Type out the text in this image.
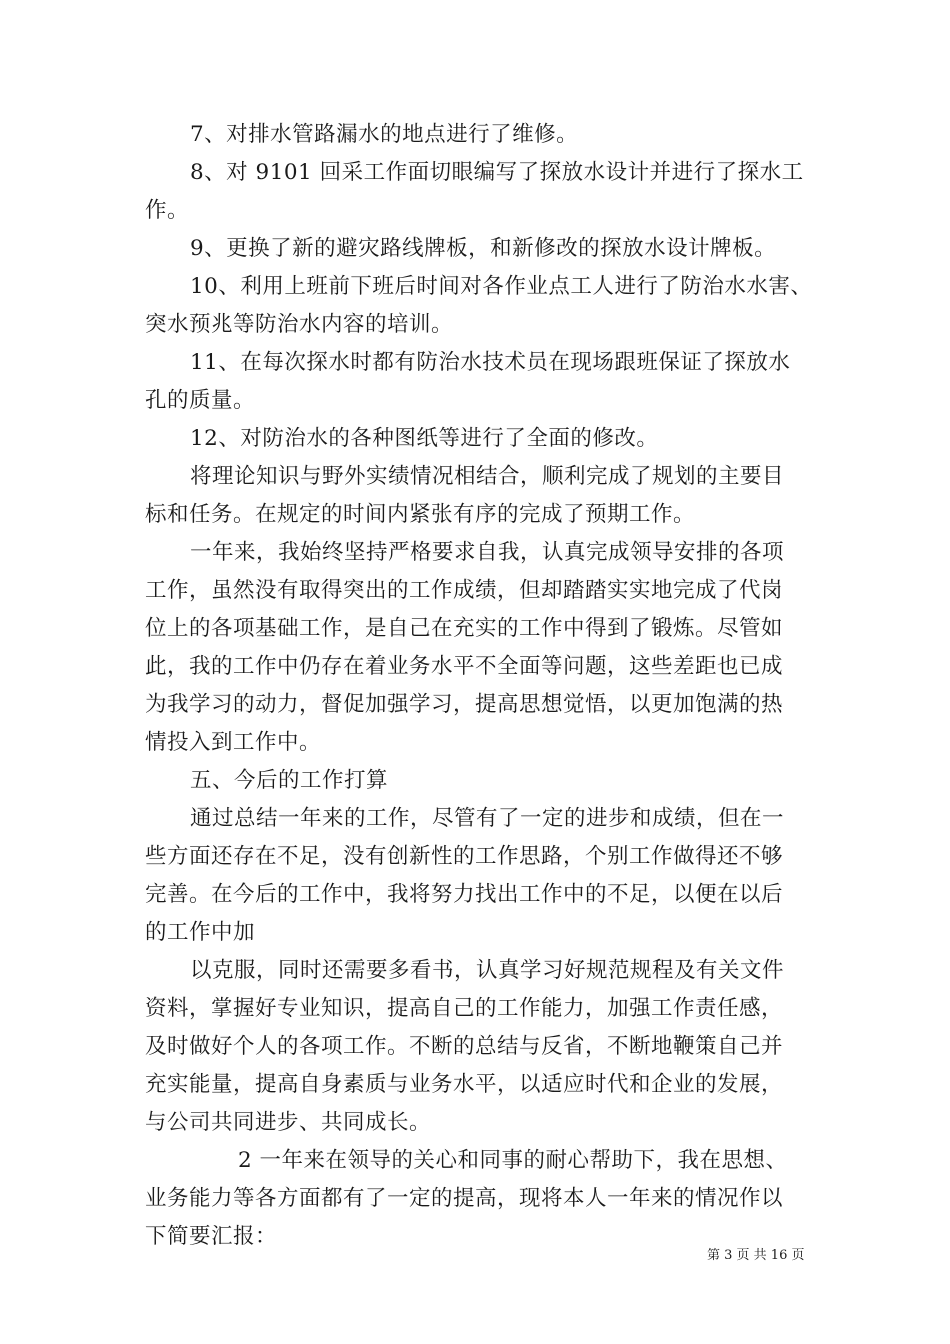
7、对排水管路漏水的地点进行了维修。
8、对 9101 回采工作面切眼编写了探放水设计并进行了探水工
作。
9、更换了新的避灾路线牌板，和新修改的探放水设计牌板。
10、利用上班前下班后时间对各作业点工人进行了防治水水害、
突水预兆等防治水内容的培训。
11、在每次探水时都有防治水技术员在现场跟班保证了探放水
孔的质量。
12、对防治水的各种图纸等进行了全面的修改。
将理论知识与野外实绩情况相结合，顺利完成了规划的主要目
标和任务。在规定的时间内紧张有序的完成了预期工作。
一年来，我始终坚持严格要求自我，认真完成领导安排的各项
工作，虽然没有取得突出的工作成绩，但却踏踏实实地完成了代岗
位上的各项基础工作，是自己在充实的工作中得到了锻炼。尽管如
此，我的工作中仍存在着业务水平不全面等问题，这些差距也已成
为我学习的动力，督促加强学习，提高思想觉悟，以更加饱满的热
情投入到工作中。
五、今后的工作打算
通过总结一年来的工作，尽管有了一定的进步和成绩，但在一
些方面还存在不足，没有创新性的工作思路，个别工作做得还不够
完善。在今后的工作中，我将努力找出工作中的不足，以便在以后
的工作中加
以克服，同时还需要多看书，认真学习好规范规程及有关文件
资料，掌握好专业知识，提高自己的工作能力，加强工作责任感，
及时做好个人的各项工作。不断的总结与反省，不断地鞭策自己并
充实能量，提高自身素质与业务水平，以适应时代和企业的发展，
与公司共同进步、共同成长。
2 一年来在领导的关心和同事的耐心帮助下，我在思想、
业务能力等各方面都有了一定的提高，现将本人一年来的情况作以
下简要汇报：
第 3 页 共 16 页
